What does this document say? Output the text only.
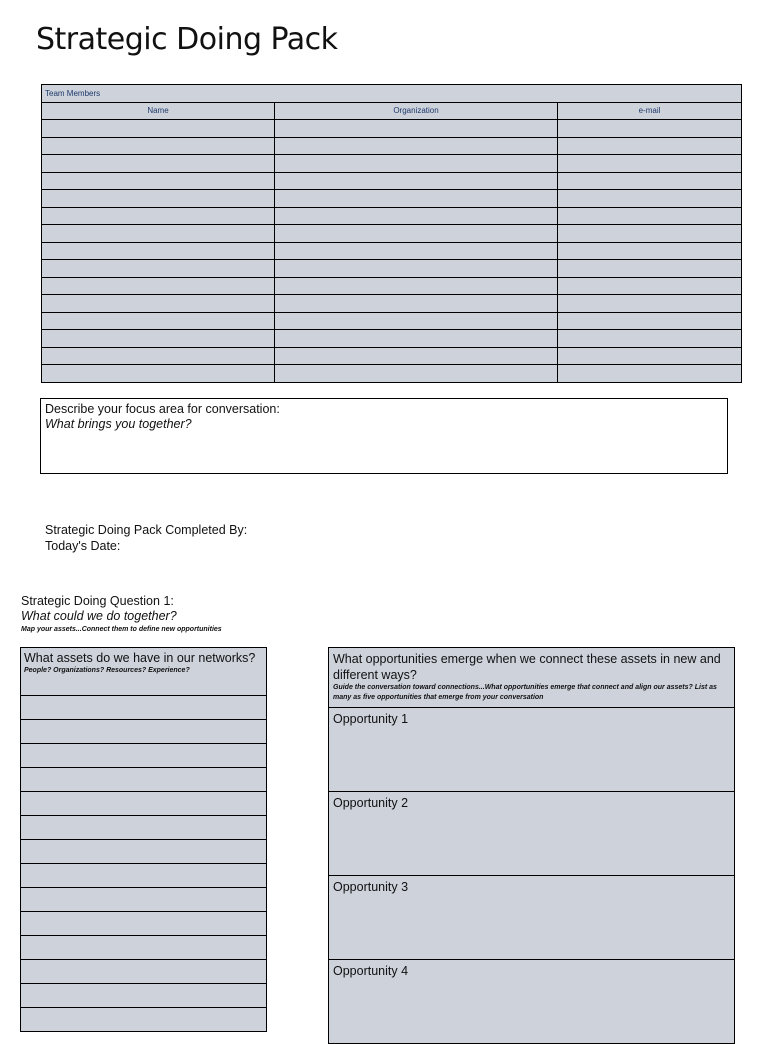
Strategic Doing Pack
Team Members		
Name	Organization	e-mail

Describe your focus area for conversation:
What brings you together?
Strategic Doing Pack Completed By:
Today's Date:
Strategic Doing Question 1:
What could we do together?
Map your assets...Connect them to define new opportunities
What assets do we have in our networks?
People? Organizations? Resources? Experience?
What opportunities emerge when we connect these assets in new and different ways?
Guide the conversation toward connections...What opportunities emerge that connect and align our assets? List as many as five opportunities that emerge from your conversation
Opportunity 1
Opportunity 2
Opportunity 3
Opportunity 4
